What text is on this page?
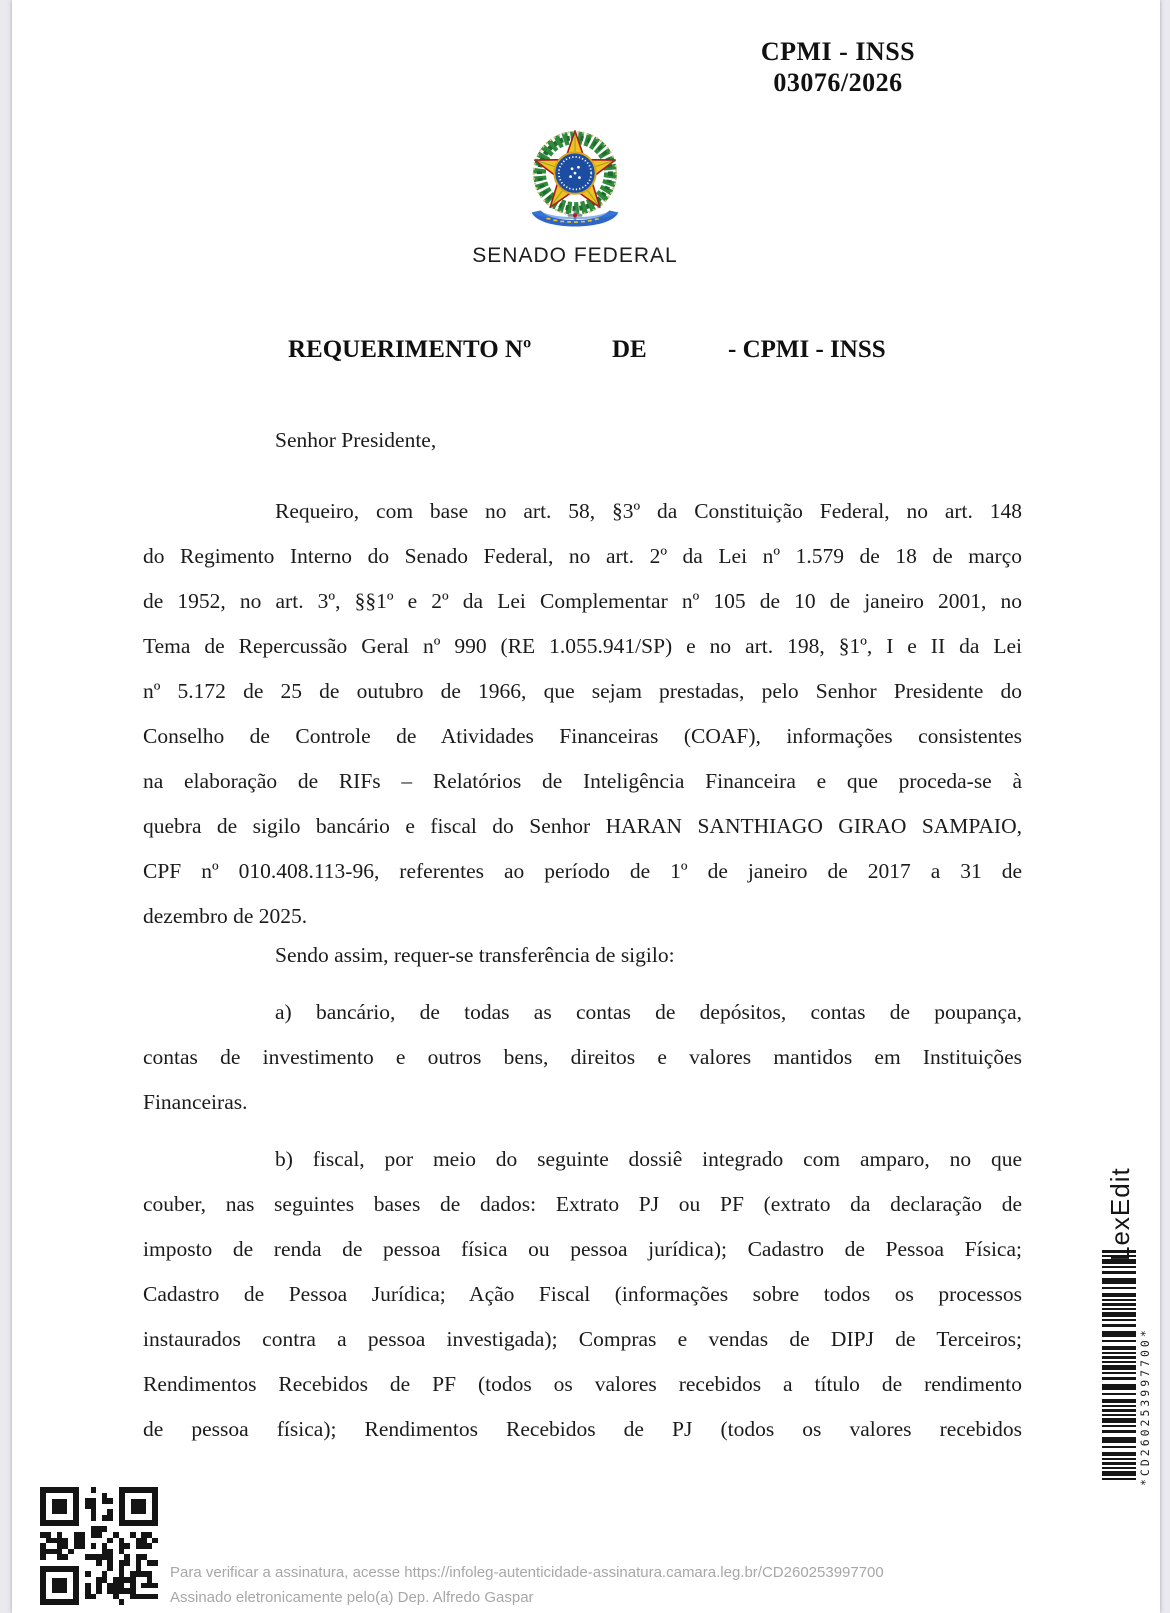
CPMI - INSS
03076/2026
SENADO FEDERAL
REQUERIMENTO Nº	DE	- CPMI - INSS
Senhor Presidente,
Requeiro, com base no art. 58, §3º da Constituição Federal, no art. 148
do Regimento Interno do Senado Federal, no art. 2º da Lei nº 1.579 de 18 de março
de 1952, no art. 3º, §§1º e 2º da Lei Complementar nº 105 de 10 de janeiro 2001, no
Tema de Repercussão Geral nº 990 (RE 1.055.941/SP) e no art. 198, §1º, I e II da Lei
nº 5.172 de 25 de outubro de 1966, que sejam prestadas, pelo Senhor Presidente do
Conselho de Controle de Atividades Financeiras (COAF), informações consistentes
na elaboração de RIFs – Relatórios de Inteligência Financeira e que proceda-se à
quebra de sigilo bancário e fiscal do Senhor HARAN SANTHIAGO GIRAO SAMPAIO,
CPF nº 010.408.113-96, referentes ao período de 1º de janeiro de 2017 a 31 de
dezembro de 2025.
Sendo assim, requer-se transferência de sigilo:
a) bancário, de todas as contas de depósitos, contas de poupança,
contas de investimento e outros bens, direitos e valores mantidos em Instituições
Financeiras.
b) fiscal, por meio do seguinte dossiê integrado com amparo, no que
couber, nas seguintes bases de dados: Extrato PJ ou PF (extrato da declaração de
imposto de renda de pessoa física ou pessoa jurídica); Cadastro de Pessoa Física;
Cadastro de Pessoa Jurídica; Ação Fiscal (informações sobre todos os processos
instaurados contra a pessoa investigada); Compras e vendas de DIPJ de Terceiros;
Rendimentos Recebidos de PF (todos os valores recebidos a título de rendimento
de pessoa física); Rendimentos Recebidos de PJ (todos os valores recebidos
LexEdit
*CD260253997700*
Para verificar a assinatura, acesse https://infoleg-autenticidade-assinatura.camara.leg.br/CD260253997700
Assinado eletronicamente pelo(a) Dep. Alfredo Gaspar
